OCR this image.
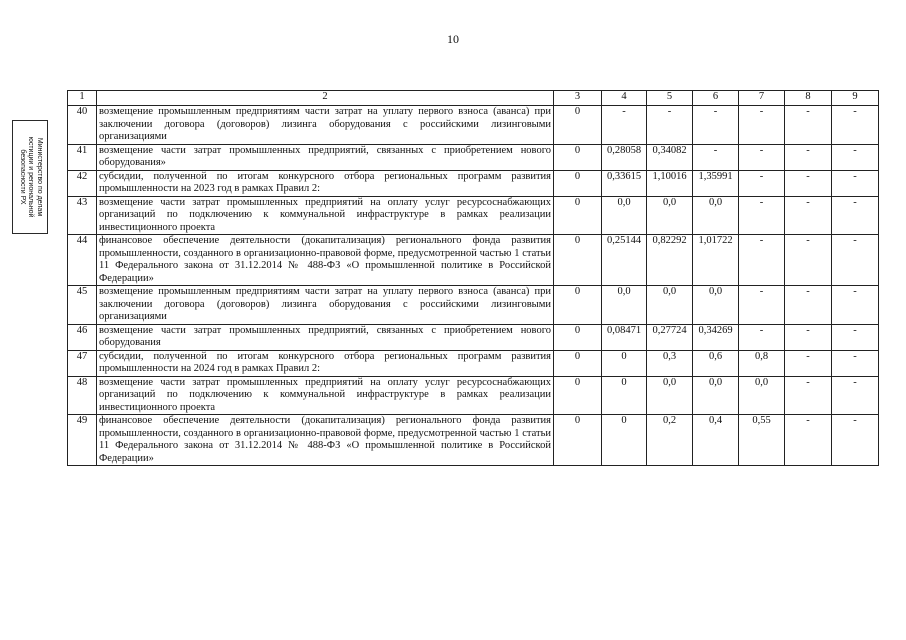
10
Министерство по делам
юстиции и региональной
безопасности РХ
1	2	3	4	5	6	7	8	9
40	возмещение промышленным предприятиям части затрат на уплату первого взноса (аванса) при заключении договора (договоров) лизинга оборудования с российскими лизинговыми организациями	0	-	-	-	-	-	-
41	возмещение части затрат промышленных предприятий, связанных с приобретением нового оборудования»	0	0,28058	0,34082	-	-	-	-
42	субсидии, полученной по итогам конкурсного отбора региональных программ развития промышленности на 2023 год в рамках Правил 2:	0	0,33615	1,10016	1,35991	-	-	-
43	возмещение части затрат промышленных предприятий на оплату услуг ресурсоснабжающих организаций по подключению к коммунальной инфраструктуре в рамках реализации инвестиционного проекта	0	0,0	0,0	0,0	-	-	-
44	финансовое обеспечение деятельности (докапитализация) регионального фонда развития промышленности, созданного в организационно-правовой форме, предусмотренной частью 1 статьи 11 Федерального закона от 31.12.2014 № 488-ФЗ «О промышленной политике в Российской Федерации»	0	0,25144	0,82292	1,01722	-	-	-
45	возмещение промышленным предприятиям части затрат на уплату первого взноса (аванса) при заключении договора (договоров) лизинга оборудования с российскими лизинговыми организациями	0	0,0	0,0	0,0	-	-	-
46	возмещение части затрат промышленных предприятий, связанных с приобретением нового оборудования	0	0,08471	0,27724	0,34269	-	-	-
47	субсидии, полученной по итогам конкурсного отбора региональных программ развития промышленности на 2024 год в рамках Правил 2:	0	0	0,3	0,6	0,8	-	-
48	возмещение части затрат промышленных предприятий на оплату услуг ресурсоснабжающих организаций по подключению к коммунальной инфраструктуре в рамках реализации инвестиционного проекта	0	0	0,0	0,0	0,0	-	-
49	финансовое обеспечение деятельности (докапитализация) регионального фонда развития промышленности, созданного в организационно-правовой форме, предусмотренной частью 1 статьи 11 Федерального закона от 31.12.2014 № 488-ФЗ «О промышленной политике в Российской Федерации»	0	0	0,2	0,4	0,55	-	-
